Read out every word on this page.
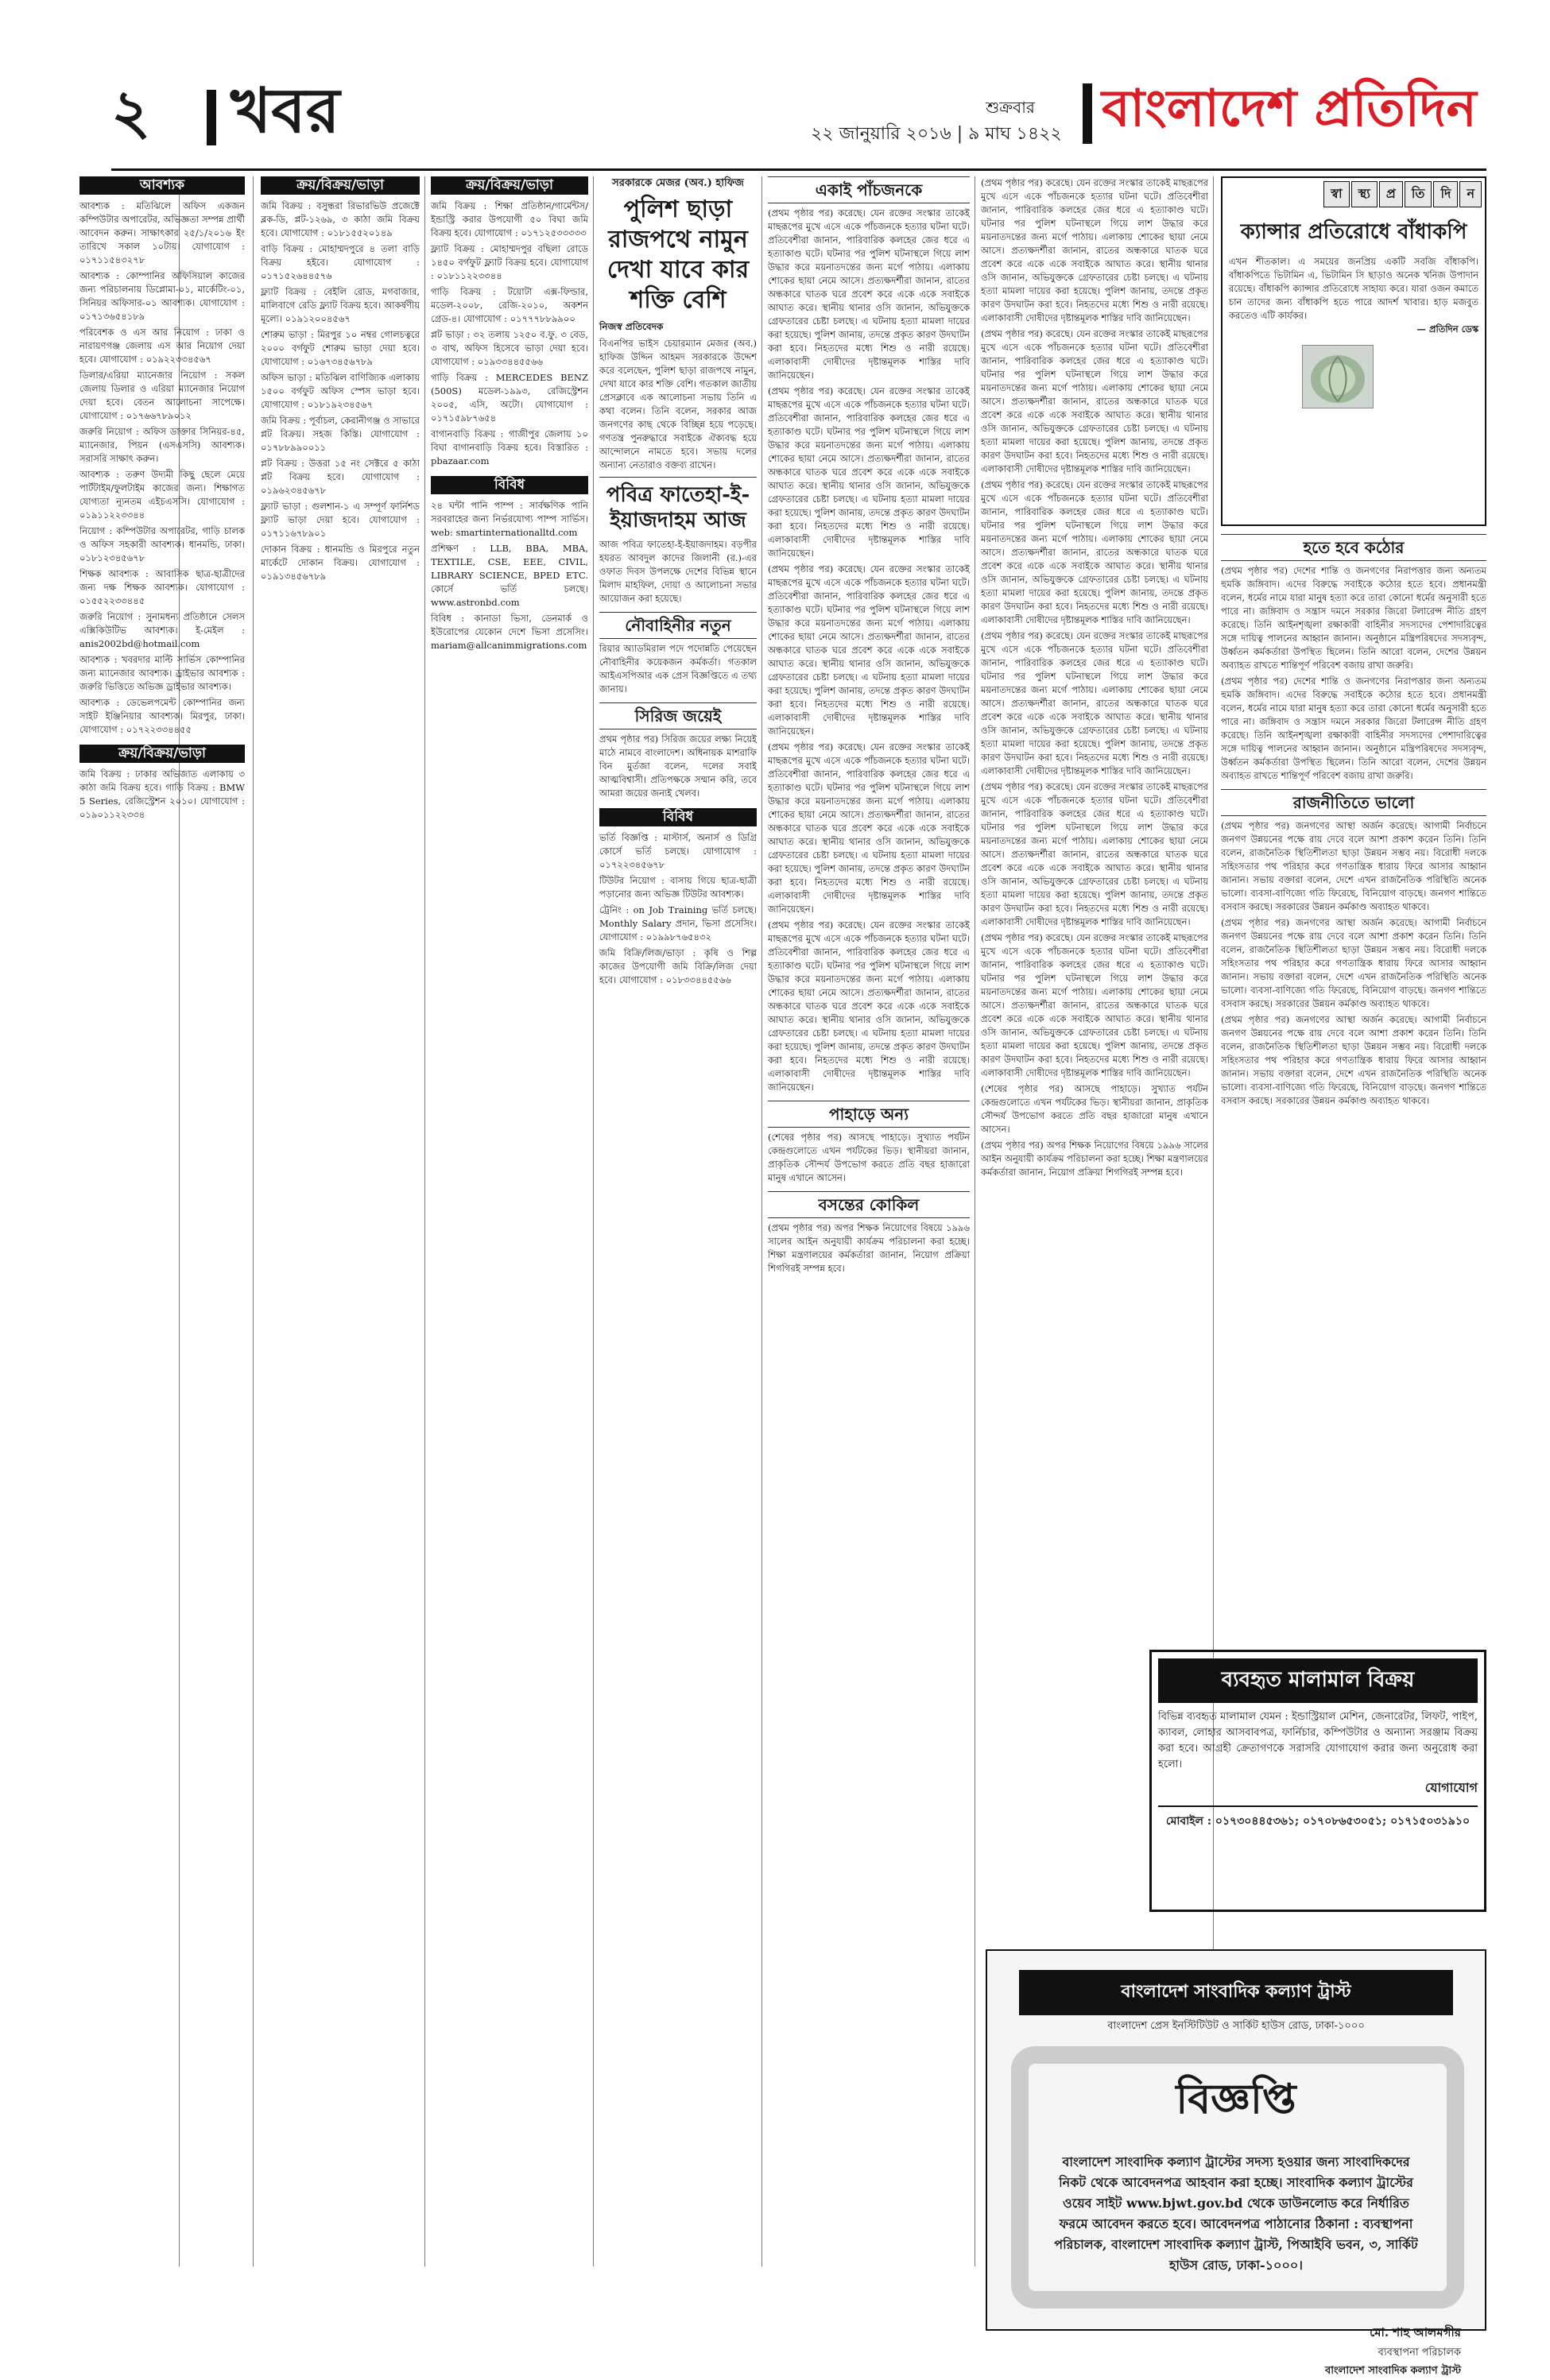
২ খবর	শুক্রবার
২২ জানুয়ারি ২০১৬ | ৯ মাঘ ১৪২২ বাংলাদেশ প্রতিদিন
আবশ্যক

আবশ্যক : মতিঝিলে অফিস একজন কম্পিউটার অপারেটর, অভিজ্ঞতা সম্পন্ন প্রার্থী আবেদন করুন। সাক্ষাৎকার ২৫/১/২০১৬ ইং তারিখে সকাল ১০টায়। যোগাযোগ : ০১৭১১৫৪৩২৭৮

আবশ্যক : কোম্পানির অফিসিয়াল কাজের জন্য পরিচালনায় ডিপ্লোমা-০১, মার্কেটিং-০১, সিনিয়র অফিসার-০১ আবশ্যক। যোগাযোগ : ০১৭১৩৬৫৪১৮৯

পরিবেশক ও এস আর নিয়োগ : ঢাকা ও নারায়ণগঞ্জ জেলায় এস আর নিয়োগ দেয়া হবে। যোগাযোগ : ০১৯২২৩৩৪৫৬৭

ডিলার/এরিয়া ম্যানেজার নিয়োগ : সকল জেলায় ডিলার ও এরিয়া ম্যানেজার নিয়োগ দেয়া হবে। বেতন আলোচনা সাপেক্ষে। যোগাযোগ : ০১৭৬৬৭৮৯০১২

জরুরি নিয়োগ : অফিস ডাক্তার সিনিয়র-৪৫, ম্যানেজার, পিয়ন (এসএসসি) আবশ্যক। সরাসরি সাক্ষাৎ করুন।

আবশ্যক : তরুণ উদ্যমী কিছু ছেলে মেয়ে পার্টটাইম/ফুলটাইম কাজের জন্য। শিক্ষাগত যোগ্যতা ন্যূনতম এইচএসসি। যোগাযোগ : ০১৯১১২২৩৩৪৪

নিয়োগ : কম্পিউটার অপারেটর, গাড়ি চালক ও অফিস সহকারী আবশ্যক। ধানমন্ডি, ঢাকা। ০১৮১২৩৪৫৬৭৮

শিক্ষক আবশ্যক : আবাসিক ছাত্র-ছাত্রীদের জন্য দক্ষ শিক্ষক আবশ্যক। যোগাযোগ : ০১৫৫২২৩৩৪৪৫

জরুরি নিয়োগ : সুনামধন্য প্রতিষ্ঠানে সেলস এক্সিকিউটিভ আবশ্যক। ই-মেইল : anis2002bd@hotmail.com

আবশ্যক : খবরদার মাল্টি সার্ভিস কোম্পানির জন্য ম্যানেজার আবশ্যক। ড্রাইভার আবশ্যক : জরুরি ভিত্তিতে অভিজ্ঞ ড্রাইভার আবশ্যক।

আবশ্যক : ডেভেলপমেন্ট কোম্পানির জন্য সাইট ইঞ্জিনিয়ার আবশ্যক। মিরপুর, ঢাকা। যোগাযোগ : ০১৭২২৩৩৪৪৫৫

ক্রয়/বিক্রয়/ভাড়া

জমি বিক্রয় : ঢাকার অভিজাত এলাকায় ৩ কাঠা জমি বিক্রয় হবে। গাড়ি বিক্রয় : BMW 5 Series, রেজিস্ট্রেশন ২০১০। যোগাযোগ : ০১৯০১১২২৩৩৪

ক্রয়/বিক্রয়/ভাড়া

জমি বিক্রয় : বসুন্ধরা রিভারভিউ প্রজেক্টে ব্লক-ডি, প্লট-১২৬৯, ৩ কাঠা জমি বিক্রয় হবে। যোগাযোগ : ০১৮১৫৫২০১৪৯

বাড়ি বিক্রয় : মোহাম্মদপুরে ৪ তলা বাড়ি বিক্রয় হইবে। যোগাযোগ : ০১৭১৫২৬৪৪৫৭৬

ফ্ল্যাট বিক্রয় : বেইলি রোড, মগবাজার, মালিবাগে রেডি ফ্ল্যাট বিক্রয় হবে। আকর্ষণীয় মূল্যে। ০১৯১২০০৪৫৬৭

শোরুম ভাড়া : মিরপুর ১০ নম্বর গোলচত্বরে ২০০০ বর্গফুট শোরুম ভাড়া দেয়া হবে। যোগাযোগ : ০১৬৭৩৪৫৬৭৮৯

অফিস ভাড়া : মতিঝিল বাণিজ্যিক এলাকায় ১৫০০ বর্গফুট অফিস স্পেস ভাড়া হবে। যোগাযোগ : ০১৮১৯২৩৪৫৬৭

জমি বিক্রয় : পূর্বাচল, কেরানীগঞ্জ ও সাভারে প্লট বিক্রয়। সহজ কিস্তি। যোগাযোগ : ০১৭৮৮৯৯০০১১

প্লট বিক্রয় : উত্তরা ১৫ নং সেক্টরে ৫ কাঠা প্লট বিক্রয় হবে। যোগাযোগ : ০১৯৬২৩৪৫৬৭৮

ফ্ল্যাট ভাড়া : গুলশান-১ এ সম্পূর্ণ ফার্নিশড ফ্ল্যাট ভাড়া দেয়া হবে। যোগাযোগ : ০১৭১১৬৭৮৯০১

দোকান বিক্রয় : ধানমন্ডি ও মিরপুরে নতুন মার্কেটে দোকান বিক্রয়। যোগাযোগ : ০১৯১৩৪৫৬৭৮৯

ক্রয়/বিক্রয়/ভাড়া

জমি বিক্রয় : শিক্ষা প্রতিষ্ঠান/গার্মেন্টস/ইন্ডাস্ট্রি করার উপযোগী ৫০ বিঘা জমি বিক্রয় হবে। যোগাযোগ : ০১৭১২৫৩৩৩৩৩

ফ্ল্যাট বিক্রয় : মোহাম্মদপুর বছিলা রোডে ১৪৫০ বর্গফুট ফ্ল্যাট বিক্রয় হবে। যোগাযোগ : ০১৮১১২২৩৩৪৪

গাড়ি বিক্রয় : টয়োটা এক্স-ফিল্ডার, মডেল-২০০৮, রেজি-২০১০, অকশন গ্রেড-৪। যোগাযোগ : ০১৭৭৭৮৮৯৯০০

প্লট ভাড়া : ৩২ তলায় ১২৫০ ব.ফু. ৩ বেড, ৩ বাথ, অফিস হিসেবে ভাড়া দেয়া হবে। যোগাযোগ : ০১৯৩৩৪৪৫৫৬৬

গাড়ি বিক্রয় : MERCEDES BENZ (500S) মডেল-১৯৯৩, রেজিস্ট্রেশন ২০০৫, এসি, অটো। যোগাযোগ : ০১৭১৫৯৮৭৬৫৪

বাগানবাড়ি বিক্রয় : গাজীপুর জেলায় ১০ বিঘা বাগানবাড়ি বিক্রয় হবে। বিস্তারিত : pbazaar.com

বিবিধ

২৪ ঘন্টা পানি পাম্প : সার্বক্ষণিক পানি সরবরাহের জন্য নির্ভরযোগ্য পাম্প সার্ভিস। web: smartinternationalltd.com

প্রশিক্ষণ : LLB, BBA, MBA, TEXTILE, CSE, EEE, CIVIL, LIBRARY SCIENCE, BPED ETC. কোর্সে ভর্তি চলছে। www.astronbd.com

বিবিধ : কানাডা ভিসা, ডেনমার্ক ও ইউরোপের যেকোন দেশে ভিসা প্রসেসিং। mariam@allcanimmigrations.com

সরকারকে মেজর (অব.) হাফিজ
পুলিশ ছাড়া রাজপথে নামুন দেখা যাবে কার শক্তি বেশি
নিজস্ব প্রতিবেদক

বিএনপির ভাইস চেয়ারম্যান মেজর (অব.) হাফিজ উদ্দিন আহমদ সরকারকে উদ্দেশ করে বলেছেন, পুলিশ ছাড়া রাজপথে নামুন, দেখা যাবে কার শক্তি বেশি। গতকাল জাতীয় প্রেসক্লাবে এক আলোচনা সভায় তিনি এ কথা বলেন। তিনি বলেন, সরকার আজ জনগণের কাছ থেকে বিচ্ছিন্ন হয়ে পড়েছে। গণতন্ত্র পুনরুদ্ধারে সবাইকে ঐক্যবদ্ধ হয়ে আন্দোলনে নামতে হবে। সভায় দলের অন্যান্য নেতারাও বক্তব্য রাখেন।

পবিত্র ফাতেহা-ই-ইয়াজদাহম আজ

আজ পবিত্র ফাতেহা-ই-ইয়াজদাহম। বড়পীর হযরত আবদুল কাদের জিলানী (র.)-এর ওফাত দিবস উপলক্ষে দেশের বিভিন্ন স্থানে মিলাদ মাহফিল, দোয়া ও আলোচনা সভার আয়োজন করা হয়েছে।

নৌবাহিনীর নতুন

রিয়ার অ্যাডমিরাল পদে পদোন্নতি পেয়েছেন নৌবাহিনীর কয়েকজন কর্মকর্তা। গতকাল আইএসপিআর এক প্রেস বিজ্ঞপ্তিতে এ তথ্য জানায়।

সিরিজ জয়েই

প্রথম পৃষ্ঠার পর) সিরিজ জয়ের লক্ষ্য নিয়েই মাঠে নামবে বাংলাদেশ। অধিনায়ক মাশরাফি বিন মুর্তজা বলেন, দলের সবাই আত্মবিশ্বাসী। প্রতিপক্ষকে সম্মান করি, তবে আমরা জয়ের জন্যই খেলব।

বিবিধ

ভর্তি বিজ্ঞপ্তি : মাস্টার্স, অনার্স ও ডিগ্রি কোর্সে ভর্তি চলছে। যোগাযোগ : ০১৭২২৩৪৫৬৭৮

টিউটর নিয়োগ : বাসায় গিয়ে ছাত্র-ছাত্রী পড়ানোর জন্য অভিজ্ঞ টিউটর আবশ্যক।

ট্রেনিং : on Job Training ভর্তি চলছে। Monthly Salary প্রদান, ভিসা প্রসেসিং। যোগাযোগ : ০১৯৯৮৭৬৫৪৩২

জমি বিক্রি/লিজ/ভাড়া : কৃষি ও শিল্প কাজের উপযোগী জমি বিক্রি/লিজ দেয়া হবে। যোগাযোগ : ০১৮৩৩৪৪৫৫৬৬

একাই পাঁচজনকে

(প্রথম পৃষ্ঠার পর) করেছে। যেন রক্তের সংস্কার তাকেই মাছরূপের মুখে এসে একে পাঁচজনকে হত্যার ঘটনা ঘটে। প্রতিবেশীরা জানান, পারিবারিক কলহের জের ধরে এ হত্যাকাণ্ড ঘটে। ঘটনার পর পুলিশ ঘটনাস্থলে গিয়ে লাশ উদ্ধার করে ময়নাতদন্তের জন্য মর্গে পাঠায়। এলাকায় শোকের ছায়া নেমে আসে। প্রত্যক্ষদর্শীরা জানান, রাতের অন্ধকারে ঘাতক ঘরে প্রবেশ করে একে একে সবাইকে আঘাত করে। স্থানীয় থানার ওসি জানান, অভিযুক্তকে গ্রেফতারের চেষ্টা চলছে। এ ঘটনায় হত্যা মামলা দায়ের করা হয়েছে। পুলিশ জানায়, তদন্তে প্রকৃত কারণ উদঘাটন করা হবে। নিহতদের মধ্যে শিশু ও নারী রয়েছে। এলাকাবাসী দোষীদের দৃষ্টান্তমূলক শাস্তির দাবি জানিয়েছেন।

(প্রথম পৃষ্ঠার পর) করেছে। যেন রক্তের সংস্কার তাকেই মাছরূপের মুখে এসে একে পাঁচজনকে হত্যার ঘটনা ঘটে। প্রতিবেশীরা জানান, পারিবারিক কলহের জের ধরে এ হত্যাকাণ্ড ঘটে। ঘটনার পর পুলিশ ঘটনাস্থলে গিয়ে লাশ উদ্ধার করে ময়নাতদন্তের জন্য মর্গে পাঠায়। এলাকায় শোকের ছায়া নেমে আসে। প্রত্যক্ষদর্শীরা জানান, রাতের অন্ধকারে ঘাতক ঘরে প্রবেশ করে একে একে সবাইকে আঘাত করে। স্থানীয় থানার ওসি জানান, অভিযুক্তকে গ্রেফতারের চেষ্টা চলছে। এ ঘটনায় হত্যা মামলা দায়ের করা হয়েছে। পুলিশ জানায়, তদন্তে প্রকৃত কারণ উদঘাটন করা হবে। নিহতদের মধ্যে শিশু ও নারী রয়েছে। এলাকাবাসী দোষীদের দৃষ্টান্তমূলক শাস্তির দাবি জানিয়েছেন।

(প্রথম পৃষ্ঠার পর) করেছে। যেন রক্তের সংস্কার তাকেই মাছরূপের মুখে এসে একে পাঁচজনকে হত্যার ঘটনা ঘটে। প্রতিবেশীরা জানান, পারিবারিক কলহের জের ধরে এ হত্যাকাণ্ড ঘটে। ঘটনার পর পুলিশ ঘটনাস্থলে গিয়ে লাশ উদ্ধার করে ময়নাতদন্তের জন্য মর্গে পাঠায়। এলাকায় শোকের ছায়া নেমে আসে। প্রত্যক্ষদর্শীরা জানান, রাতের অন্ধকারে ঘাতক ঘরে প্রবেশ করে একে একে সবাইকে আঘাত করে। স্থানীয় থানার ওসি জানান, অভিযুক্তকে গ্রেফতারের চেষ্টা চলছে। এ ঘটনায় হত্যা মামলা দায়ের করা হয়েছে। পুলিশ জানায়, তদন্তে প্রকৃত কারণ উদঘাটন করা হবে। নিহতদের মধ্যে শিশু ও নারী রয়েছে। এলাকাবাসী দোষীদের দৃষ্টান্তমূলক শাস্তির দাবি জানিয়েছেন।

(প্রথম পৃষ্ঠার পর) করেছে। যেন রক্তের সংস্কার তাকেই মাছরূপের মুখে এসে একে পাঁচজনকে হত্যার ঘটনা ঘটে। প্রতিবেশীরা জানান, পারিবারিক কলহের জের ধরে এ হত্যাকাণ্ড ঘটে। ঘটনার পর পুলিশ ঘটনাস্থলে গিয়ে লাশ উদ্ধার করে ময়নাতদন্তের জন্য মর্গে পাঠায়। এলাকায় শোকের ছায়া নেমে আসে। প্রত্যক্ষদর্শীরা জানান, রাতের অন্ধকারে ঘাতক ঘরে প্রবেশ করে একে একে সবাইকে আঘাত করে। স্থানীয় থানার ওসি জানান, অভিযুক্তকে গ্রেফতারের চেষ্টা চলছে। এ ঘটনায় হত্যা মামলা দায়ের করা হয়েছে। পুলিশ জানায়, তদন্তে প্রকৃত কারণ উদঘাটন করা হবে। নিহতদের মধ্যে শিশু ও নারী রয়েছে। এলাকাবাসী দোষীদের দৃষ্টান্তমূলক শাস্তির দাবি জানিয়েছেন।

(প্রথম পৃষ্ঠার পর) করেছে। যেন রক্তের সংস্কার তাকেই মাছরূপের মুখে এসে একে পাঁচজনকে হত্যার ঘটনা ঘটে। প্রতিবেশীরা জানান, পারিবারিক কলহের জের ধরে এ হত্যাকাণ্ড ঘটে। ঘটনার পর পুলিশ ঘটনাস্থলে গিয়ে লাশ উদ্ধার করে ময়নাতদন্তের জন্য মর্গে পাঠায়। এলাকায় শোকের ছায়া নেমে আসে। প্রত্যক্ষদর্শীরা জানান, রাতের অন্ধকারে ঘাতক ঘরে প্রবেশ করে একে একে সবাইকে আঘাত করে। স্থানীয় থানার ওসি জানান, অভিযুক্তকে গ্রেফতারের চেষ্টা চলছে। এ ঘটনায় হত্যা মামলা দায়ের করা হয়েছে। পুলিশ জানায়, তদন্তে প্রকৃত কারণ উদঘাটন করা হবে। নিহতদের মধ্যে শিশু ও নারী রয়েছে। এলাকাবাসী দোষীদের দৃষ্টান্তমূলক শাস্তির দাবি জানিয়েছেন।

পাহাড়ে অন্য

(শেষের পৃষ্ঠার পর) আসছে পাহাড়ে। সুখ্যাত পর্যটন কেন্দ্রগুলোতে এখন পর্যটকের ভিড়। স্থানীয়রা জানান, প্রাকৃতিক সৌন্দর্য উপভোগ করতে প্রতি বছর হাজারো মানুষ এখানে আসেন।

বসন্তের কোকিল

(প্রথম পৃষ্ঠার পর) অপর শিক্ষক নিয়োগের বিষয়ে ১৯৯৬ সালের আইন অনুযায়ী কার্যক্রম পরিচালনা করা হচ্ছে। শিক্ষা মন্ত্রণালয়ের কর্মকর্তারা জানান, নিয়োগ প্রক্রিয়া শিগগিরই সম্পন্ন হবে।

(প্রথম পৃষ্ঠার পর) করেছে। যেন রক্তের সংস্কার তাকেই মাছরূপের মুখে এসে একে পাঁচজনকে হত্যার ঘটনা ঘটে। প্রতিবেশীরা জানান, পারিবারিক কলহের জের ধরে এ হত্যাকাণ্ড ঘটে। ঘটনার পর পুলিশ ঘটনাস্থলে গিয়ে লাশ উদ্ধার করে ময়নাতদন্তের জন্য মর্গে পাঠায়। এলাকায় শোকের ছায়া নেমে আসে। প্রত্যক্ষদর্শীরা জানান, রাতের অন্ধকারে ঘাতক ঘরে প্রবেশ করে একে একে সবাইকে আঘাত করে। স্থানীয় থানার ওসি জানান, অভিযুক্তকে গ্রেফতারের চেষ্টা চলছে। এ ঘটনায় হত্যা মামলা দায়ের করা হয়েছে। পুলিশ জানায়, তদন্তে প্রকৃত কারণ উদঘাটন করা হবে। নিহতদের মধ্যে শিশু ও নারী রয়েছে। এলাকাবাসী দোষীদের দৃষ্টান্তমূলক শাস্তির দাবি জানিয়েছেন।

(প্রথম পৃষ্ঠার পর) করেছে। যেন রক্তের সংস্কার তাকেই মাছরূপের মুখে এসে একে পাঁচজনকে হত্যার ঘটনা ঘটে। প্রতিবেশীরা জানান, পারিবারিক কলহের জের ধরে এ হত্যাকাণ্ড ঘটে। ঘটনার পর পুলিশ ঘটনাস্থলে গিয়ে লাশ উদ্ধার করে ময়নাতদন্তের জন্য মর্গে পাঠায়। এলাকায় শোকের ছায়া নেমে আসে। প্রত্যক্ষদর্শীরা জানান, রাতের অন্ধকারে ঘাতক ঘরে প্রবেশ করে একে একে সবাইকে আঘাত করে। স্থানীয় থানার ওসি জানান, অভিযুক্তকে গ্রেফতারের চেষ্টা চলছে। এ ঘটনায় হত্যা মামলা দায়ের করা হয়েছে। পুলিশ জানায়, তদন্তে প্রকৃত কারণ উদঘাটন করা হবে। নিহতদের মধ্যে শিশু ও নারী রয়েছে। এলাকাবাসী দোষীদের দৃষ্টান্তমূলক শাস্তির দাবি জানিয়েছেন।

(প্রথম পৃষ্ঠার পর) করেছে। যেন রক্তের সংস্কার তাকেই মাছরূপের মুখে এসে একে পাঁচজনকে হত্যার ঘটনা ঘটে। প্রতিবেশীরা জানান, পারিবারিক কলহের জের ধরে এ হত্যাকাণ্ড ঘটে। ঘটনার পর পুলিশ ঘটনাস্থলে গিয়ে লাশ উদ্ধার করে ময়নাতদন্তের জন্য মর্গে পাঠায়। এলাকায় শোকের ছায়া নেমে আসে। প্রত্যক্ষদর্শীরা জানান, রাতের অন্ধকারে ঘাতক ঘরে প্রবেশ করে একে একে সবাইকে আঘাত করে। স্থানীয় থানার ওসি জানান, অভিযুক্তকে গ্রেফতারের চেষ্টা চলছে। এ ঘটনায় হত্যা মামলা দায়ের করা হয়েছে। পুলিশ জানায়, তদন্তে প্রকৃত কারণ উদঘাটন করা হবে। নিহতদের মধ্যে শিশু ও নারী রয়েছে। এলাকাবাসী দোষীদের দৃষ্টান্তমূলক শাস্তির দাবি জানিয়েছেন।

(প্রথম পৃষ্ঠার পর) করেছে। যেন রক্তের সংস্কার তাকেই মাছরূপের মুখে এসে একে পাঁচজনকে হত্যার ঘটনা ঘটে। প্রতিবেশীরা জানান, পারিবারিক কলহের জের ধরে এ হত্যাকাণ্ড ঘটে। ঘটনার পর পুলিশ ঘটনাস্থলে গিয়ে লাশ উদ্ধার করে ময়নাতদন্তের জন্য মর্গে পাঠায়। এলাকায় শোকের ছায়া নেমে আসে। প্রত্যক্ষদর্শীরা জানান, রাতের অন্ধকারে ঘাতক ঘরে প্রবেশ করে একে একে সবাইকে আঘাত করে। স্থানীয় থানার ওসি জানান, অভিযুক্তকে গ্রেফতারের চেষ্টা চলছে। এ ঘটনায় হত্যা মামলা দায়ের করা হয়েছে। পুলিশ জানায়, তদন্তে প্রকৃত কারণ উদঘাটন করা হবে। নিহতদের মধ্যে শিশু ও নারী রয়েছে। এলাকাবাসী দোষীদের দৃষ্টান্তমূলক শাস্তির দাবি জানিয়েছেন।

(প্রথম পৃষ্ঠার পর) করেছে। যেন রক্তের সংস্কার তাকেই মাছরূপের মুখে এসে একে পাঁচজনকে হত্যার ঘটনা ঘটে। প্রতিবেশীরা জানান, পারিবারিক কলহের জের ধরে এ হত্যাকাণ্ড ঘটে। ঘটনার পর পুলিশ ঘটনাস্থলে গিয়ে লাশ উদ্ধার করে ময়নাতদন্তের জন্য মর্গে পাঠায়। এলাকায় শোকের ছায়া নেমে আসে। প্রত্যক্ষদর্শীরা জানান, রাতের অন্ধকারে ঘাতক ঘরে প্রবেশ করে একে একে সবাইকে আঘাত করে। স্থানীয় থানার ওসি জানান, অভিযুক্তকে গ্রেফতারের চেষ্টা চলছে। এ ঘটনায় হত্যা মামলা দায়ের করা হয়েছে। পুলিশ জানায়, তদন্তে প্রকৃত কারণ উদঘাটন করা হবে। নিহতদের মধ্যে শিশু ও নারী রয়েছে। এলাকাবাসী দোষীদের দৃষ্টান্তমূলক শাস্তির দাবি জানিয়েছেন।

(প্রথম পৃষ্ঠার পর) করেছে। যেন রক্তের সংস্কার তাকেই মাছরূপের মুখে এসে একে পাঁচজনকে হত্যার ঘটনা ঘটে। প্রতিবেশীরা জানান, পারিবারিক কলহের জের ধরে এ হত্যাকাণ্ড ঘটে। ঘটনার পর পুলিশ ঘটনাস্থলে গিয়ে লাশ উদ্ধার করে ময়নাতদন্তের জন্য মর্গে পাঠায়। এলাকায় শোকের ছায়া নেমে আসে। প্রত্যক্ষদর্শীরা জানান, রাতের অন্ধকারে ঘাতক ঘরে প্রবেশ করে একে একে সবাইকে আঘাত করে। স্থানীয় থানার ওসি জানান, অভিযুক্তকে গ্রেফতারের চেষ্টা চলছে। এ ঘটনায় হত্যা মামলা দায়ের করা হয়েছে। পুলিশ জানায়, তদন্তে প্রকৃত কারণ উদঘাটন করা হবে। নিহতদের মধ্যে শিশু ও নারী রয়েছে। এলাকাবাসী দোষীদের দৃষ্টান্তমূলক শাস্তির দাবি জানিয়েছেন।

(শেষের পৃষ্ঠার পর) আসছে পাহাড়ে। সুখ্যাত পর্যটন কেন্দ্রগুলোতে এখন পর্যটকের ভিড়। স্থানীয়রা জানান, প্রাকৃতিক সৌন্দর্য উপভোগ করতে প্রতি বছর হাজারো মানুষ এখানে আসেন।

(প্রথম পৃষ্ঠার পর) অপর শিক্ষক নিয়োগের বিষয়ে ১৯৯৬ সালের আইন অনুযায়ী কার্যক্রম পরিচালনা করা হচ্ছে। শিক্ষা মন্ত্রণালয়ের কর্মকর্তারা জানান, নিয়োগ প্রক্রিয়া শিগগিরই সম্পন্ন হবে।

হতে হবে কঠোর

(প্রথম পৃষ্ঠার পর) দেশের শান্তি ও জনগণের নিরাপত্তার জন্য অন্যতম হুমকি জঙ্গিবাদ। এদের বিরুদ্ধে সবাইকে কঠোর হতে হবে। প্রধানমন্ত্রী বলেন, ধর্মের নামে যারা মানুষ হত্যা করে তারা কোনো ধর্মের অনুসারী হতে পারে না। জঙ্গিবাদ ও সন্ত্রাস দমনে সরকার জিরো টলারেন্স নীতি গ্রহণ করেছে। তিনি আইনশৃঙ্খলা রক্ষাকারী বাহিনীর সদস্যদের পেশাদারিত্বের সঙ্গে দায়িত্ব পালনের আহ্বান জানান। অনুষ্ঠানে মন্ত্রিপরিষদের সদস্যবৃন্দ, উর্ধ্বতন কর্মকর্তারা উপস্থিত ছিলেন। তিনি আরো বলেন, দেশের উন্নয়ন অব্যাহত রাখতে শান্তিপূর্ণ পরিবেশ বজায় রাখা জরুরি।

(প্রথম পৃষ্ঠার পর) দেশের শান্তি ও জনগণের নিরাপত্তার জন্য অন্যতম হুমকি জঙ্গিবাদ। এদের বিরুদ্ধে সবাইকে কঠোর হতে হবে। প্রধানমন্ত্রী বলেন, ধর্মের নামে যারা মানুষ হত্যা করে তারা কোনো ধর্মের অনুসারী হতে পারে না। জঙ্গিবাদ ও সন্ত্রাস দমনে সরকার জিরো টলারেন্স নীতি গ্রহণ করেছে। তিনি আইনশৃঙ্খলা রক্ষাকারী বাহিনীর সদস্যদের পেশাদারিত্বের সঙ্গে দায়িত্ব পালনের আহ্বান জানান। অনুষ্ঠানে মন্ত্রিপরিষদের সদস্যবৃন্দ, উর্ধ্বতন কর্মকর্তারা উপস্থিত ছিলেন। তিনি আরো বলেন, দেশের উন্নয়ন অব্যাহত রাখতে শান্তিপূর্ণ পরিবেশ বজায় রাখা জরুরি।

রাজনীতিতে ভালো

(প্রথম পৃষ্ঠার পর) জনগণের আস্থা অর্জন করেছে। আগামী নির্বাচনে জনগণ উন্নয়নের পক্ষে রায় দেবে বলে আশা প্রকাশ করেন তিনি। তিনি বলেন, রাজনৈতিক স্থিতিশীলতা ছাড়া উন্নয়ন সম্ভব নয়। বিরোধী দলকে সহিংসতার পথ পরিহার করে গণতান্ত্রিক ধারায় ফিরে আসার আহ্বান জানান। সভায় বক্তারা বলেন, দেশে এখন রাজনৈতিক পরিস্থিতি অনেক ভালো। ব্যবসা-বাণিজ্যে গতি ফিরেছে, বিনিয়োগ বাড়ছে। জনগণ শান্তিতে বসবাস করছে। সরকারের উন্নয়ন কর্মকাণ্ড অব্যাহত থাকবে।

(প্রথম পৃষ্ঠার পর) জনগণের আস্থা অর্জন করেছে। আগামী নির্বাচনে জনগণ উন্নয়নের পক্ষে রায় দেবে বলে আশা প্রকাশ করেন তিনি। তিনি বলেন, রাজনৈতিক স্থিতিশীলতা ছাড়া উন্নয়ন সম্ভব নয়। বিরোধী দলকে সহিংসতার পথ পরিহার করে গণতান্ত্রিক ধারায় ফিরে আসার আহ্বান জানান। সভায় বক্তারা বলেন, দেশে এখন রাজনৈতিক পরিস্থিতি অনেক ভালো। ব্যবসা-বাণিজ্যে গতি ফিরেছে, বিনিয়োগ বাড়ছে। জনগণ শান্তিতে বসবাস করছে। সরকারের উন্নয়ন কর্মকাণ্ড অব্যাহত থাকবে।

(প্রথম পৃষ্ঠার পর) জনগণের আস্থা অর্জন করেছে। আগামী নির্বাচনে জনগণ উন্নয়নের পক্ষে রায় দেবে বলে আশা প্রকাশ করেন তিনি। তিনি বলেন, রাজনৈতিক স্থিতিশীলতা ছাড়া উন্নয়ন সম্ভব নয়। বিরোধী দলকে সহিংসতার পথ পরিহার করে গণতান্ত্রিক ধারায় ফিরে আসার আহ্বান জানান। সভায় বক্তারা বলেন, দেশে এখন রাজনৈতিক পরিস্থিতি অনেক ভালো। ব্যবসা-বাণিজ্যে গতি ফিরেছে, বিনিয়োগ বাড়ছে। জনগণ শান্তিতে বসবাস করছে। সরকারের উন্নয়ন কর্মকাণ্ড অব্যাহত থাকবে।

স্বা	স্থ্য	প্র	তি	দি	ন
ক্যান্সার প্রতিরোধে বাঁধাকপি

এখন শীতকাল। এ সময়ের জনপ্রিয় একটি সবজি বাঁধাকপি। বাঁধাকপিতে ভিটামিন এ, ভিটামিন সি ছাড়াও অনেক খনিজ উপাদান রয়েছে। বাঁধাকপি ক্যান্সার প্রতিরোধে সাহায্য করে। যারা ওজন কমাতে চান তাদের জন্য বাঁধাকপি হতে পারে আদর্শ খাবার। হাড় মজবুত করতেও এটি কার্যকর।

— প্রতিদিন ডেস্ক

ব্যবহৃত মালামাল বিক্রয়
বিভিন্ন ব্যবহৃত মালামাল যেমন : ইন্ডাস্ট্রিয়াল মেশিন, জেনারেটর, লিফট, পাইপ, ক্যাবল, লোহার আসবাবপত্র, ফার্নিচার, কম্পিউটার ও অন্যান্য সরঞ্জাম বিক্রয় করা হবে। আগ্রহী ক্রেতাগণকে সরাসরি যোগাযোগ করার জন্য অনুরোধ করা হলো।
যোগাযোগ
মোবাইল : ০১৭৩০৪৪৫৩৬১; ০১৭০৮৬৫৩০৫১; ০১৭১৫০৩১৯১০
বাংলাদেশ সাংবাদিক কল্যাণ ট্রাস্ট
বাংলাদেশ প্রেস ইনস্টিটিউট ও সার্কিট হাউস রোড, ঢাকা-১০০০
বিজ্ঞপ্তি
বাংলাদেশ সাংবাদিক কল্যাণ ট্রাস্টের সদস্য হওয়ার জন্য সাংবাদিকদের নিকট থেকে আবেদনপত্র আহবান করা হচ্ছে। সাংবাদিক কল্যাণ ট্রাস্টের ওয়েব সাইট www.bjwt.gov.bd থেকে ডাউনলোড করে নির্ধারিত ফরমে আবেদন করতে হবে। আবেদনপত্র পাঠানোর ঠিকানা : ব্যবস্থাপনা পরিচালক, বাংলাদেশ সাংবাদিক কল্যাণ ট্রাস্ট, পিআইবি ভবন, ৩, সার্কিট হাউস রোড, ঢাকা-১০০০।
মো. শাহ আলমগীর
ব্যবস্থাপনা পরিচালক
বাংলাদেশ সাংবাদিক কল্যাণ ট্রাস্ট
